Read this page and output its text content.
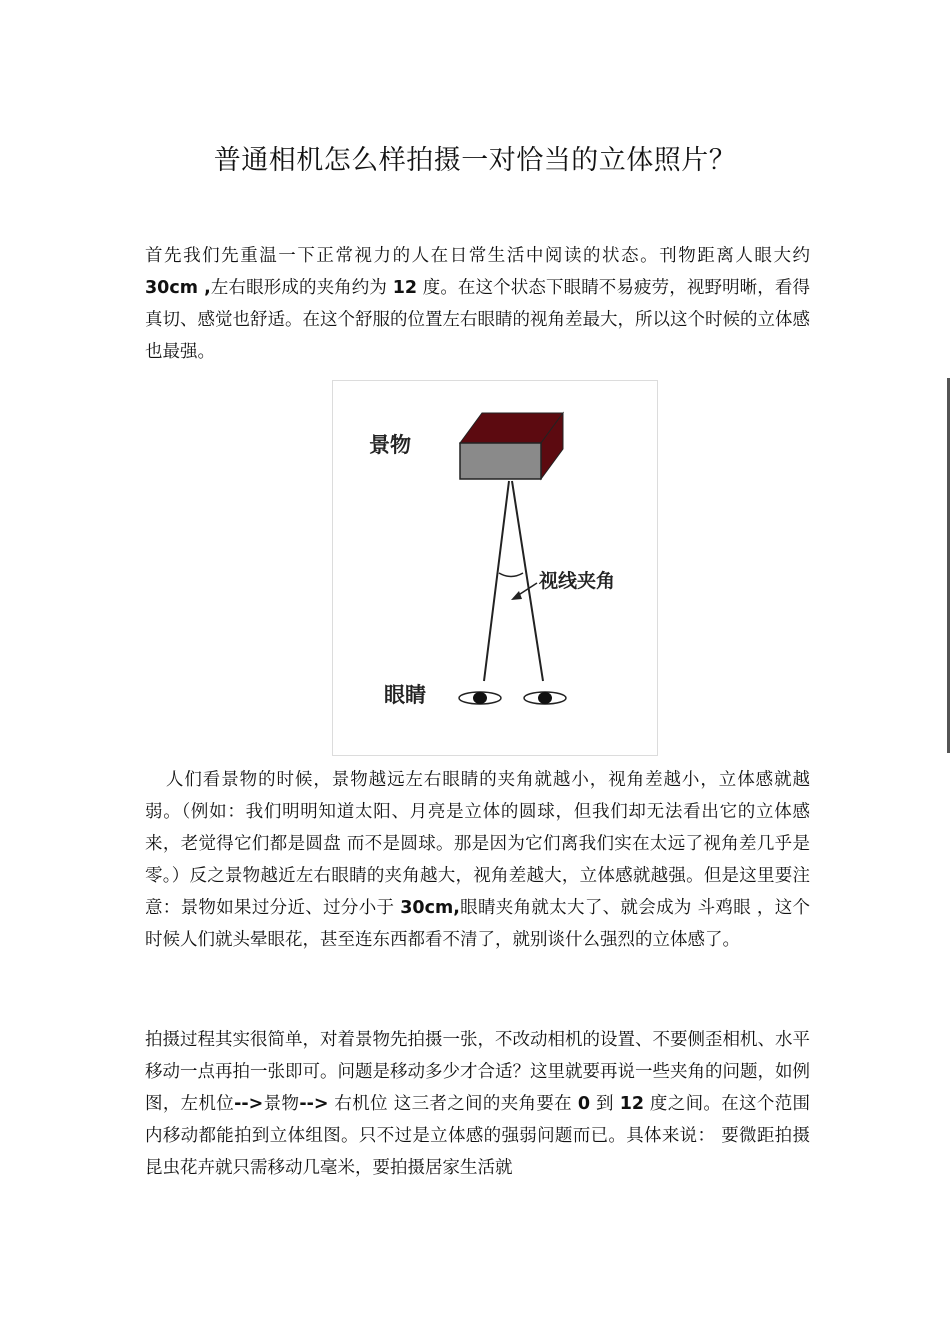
普通相机怎么样拍摄一对恰当的立体照片？
首先我们先重温一下正常视力的人在日常生活中阅读的状态。刊物距离人眼大约 30cm ,左右眼形成的夹角约为 12 度。在这个状态下眼睛不易疲劳，视野明晰，看得真切、感觉也舒适。在这个舒服的位置左右眼睛的视角差最大，所以这个时候的立体感也最强。
景物
视线夹角
眼睛
人们看景物的时候，景物越远左右眼睛的夹角就越小，视角差越小，立体感就越弱。（例如：我们明明知道太阳、月亮是立体的圆球，但我们却无法看出它的立体感来，老觉得它们都是圆盘 而不是圆球。那是因为它们离我们实在太远了视角差几乎是零。）反之景物越近左右眼睛的夹角越大，视角差越大，立体感就越强。但是这里要注意：景物如果过分近、过分小于 30cm,眼睛夹角就太大了、就会成为 斗鸡眼 ，这个时候人们就头晕眼花，甚至连东西都看不清了，就别谈什么强烈的立体感了。
拍摄过程其实很简单，对着景物先拍摄一张，不改动相机的设置、不要侧歪相机、水平移动一点再拍一张即可。问题是移动多少才合适？这里就要再说一些夹角的问题，如例图，左机位-->景物--> 右机位 这三者之间的夹角要在 0 到 12 度之间。在这个范围内移动都能拍到立体组图。只不过是立体感的强弱问题而已。具体来说： 要微距拍摄昆虫花卉就只需移动几毫米，要拍摄居家生活就
